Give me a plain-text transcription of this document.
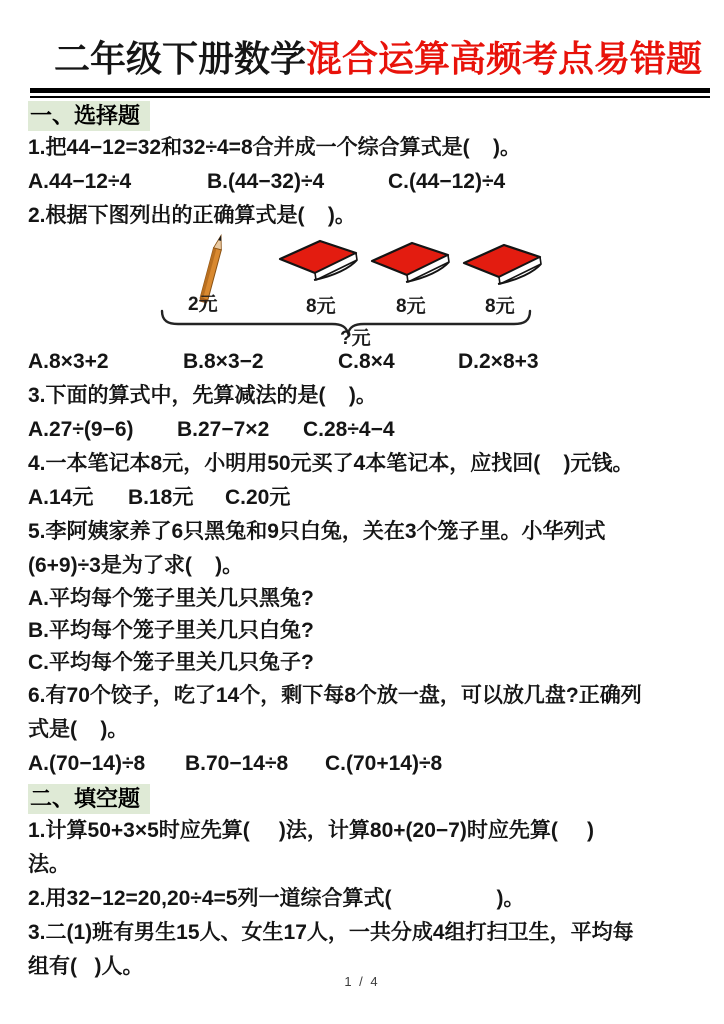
二年级下册数学混合运算高频考点易错题
一、选择题
1.把44−12=32和32÷4=8合并成一个综合算式是(    )。
A.44−12÷4	B.(44−32)÷4	C.(44−12)÷4
2.根据下图列出的正确算式是(    )。
2元	8元	8元	8元
?元
A.8×3+2	B.8×3−2	C.8×4	D.2×8+3
3.下面的算式中，先算减法的是(    )。
A.27÷(9−6)	B.27−7×2	C.28÷4−4
4.一本笔记本8元，小明用50元买了4本笔记本，应找回(    )元钱。
A.14元	B.18元	C.20元
5.李阿姨家养了6只黑兔和9只白兔，关在3个笼子里。小华列式
(6+9)÷3是为了求(    )。
A.平均每个笼子里关几只黑兔?
B.平均每个笼子里关几只白兔?
C.平均每个笼子里关几只兔子?
6.有70个饺子，吃了14个，剩下每8个放一盘，可以放几盘?正确列
式是(    )。
A.(70−14)÷8	B.70−14÷8	C.(70+14)÷8
二、填空题
1.计算50+3×5时应先算(     )法，计算80+(20−7)时应先算(     )
法。
2.用32−12=20,20÷4=5列一道综合算式(                  )。
3.二(1)班有男生15人、女生17人，一共分成4组打扫卫生，平均每
组有(   )人。
1 / 4
